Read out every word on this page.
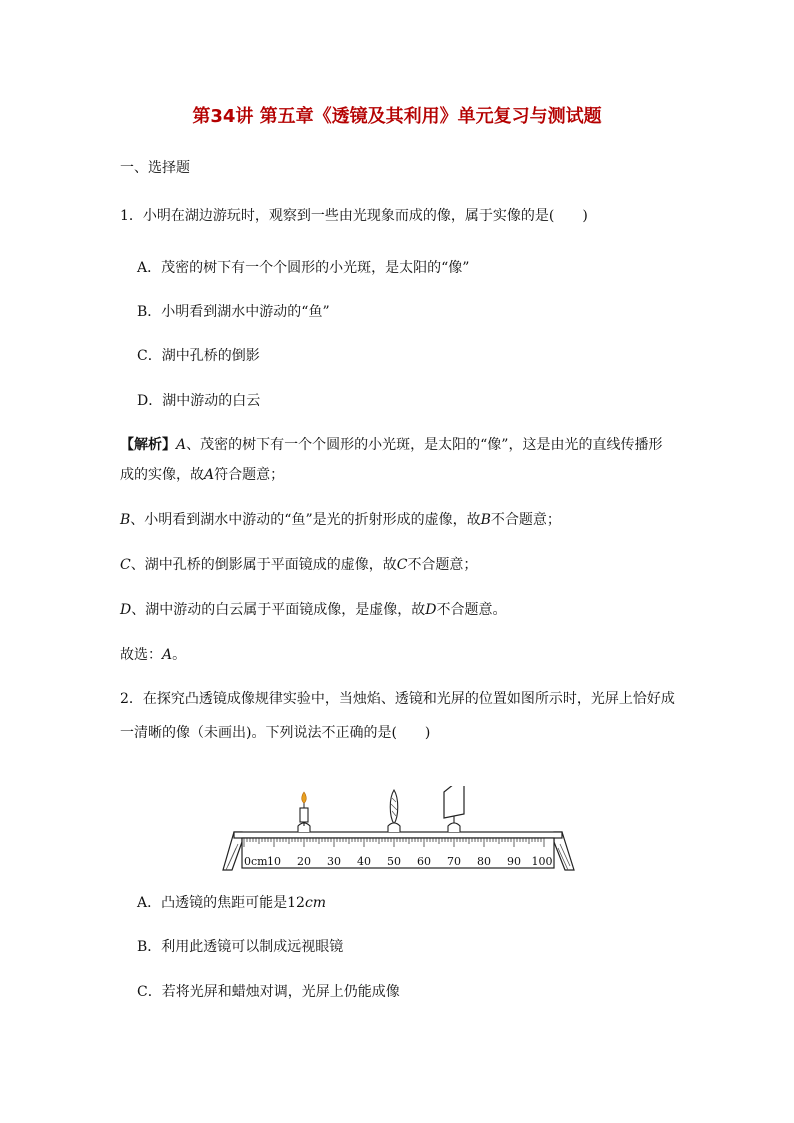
第34讲 第五章《透镜及其利用》单元复习与测试题
一、选择题
1．小明在湖边游玩时，观察到一些由光现象而成的像，属于实像的是(　　)
A．茂密的树下有一个个圆形的小光斑，是太阳的“像”
B．小明看到湖水中游动的“鱼”
C．湖中孔桥的倒影
D．湖中游动的白云
【解析】A、茂密的树下有一个个圆形的小光斑，是太阳的“像”，这是由光的直线传播形
成的实像，故A符合题意；
B、小明看到湖水中游动的“鱼”是光的折射形成的虚像，故B不合题意；
C、湖中孔桥的倒影属于平面镜成的虚像，故C不合题意；
D、湖中游动的白云属于平面镜成像，是虚像，故D不合题意。
故选：A。
2．在探究凸透镜成像规律实验中，当烛焰、透镜和光屏的位置如图所示时，光屏上恰好成
一清晰的像（未画出)。下列说法不正确的是(　　)
0cm 10 20 30 40 50 60 70 80 90 100
A．凸透镜的焦距可能是12cm
B．利用此透镜可以制成远视眼镜
C．若将光屏和蜡烛对调，光屏上仍能成像
